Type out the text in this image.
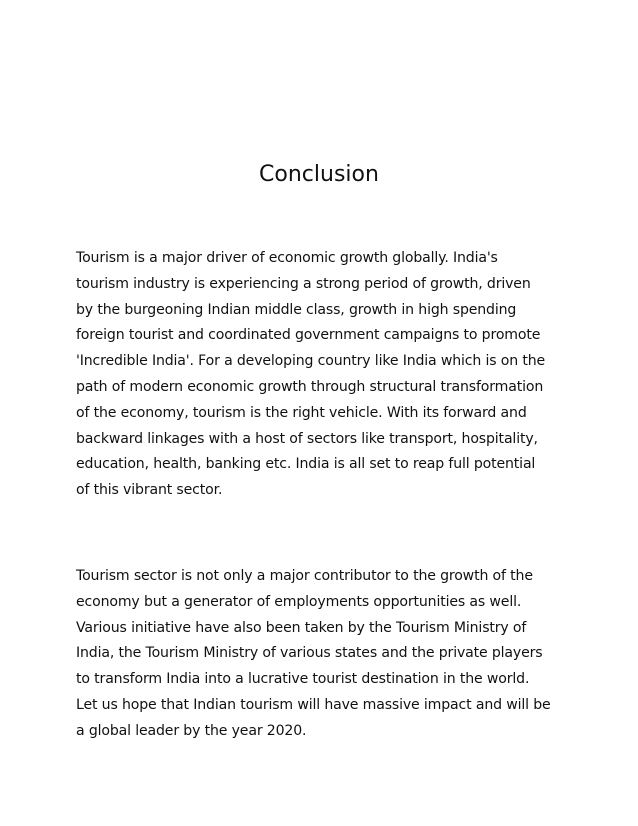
Conclusion

Tourism is a major driver of economic growth globally. India's
tourism industry is experiencing a strong period of growth, driven
by the burgeoning Indian middle class, growth in high spending
foreign tourist and coordinated government campaigns to promote
'Incredible India'. For a developing country like India which is on the
path of modern economic growth through structural transformation
of the economy, tourism is the right vehicle. With its forward and
backward linkages with a host of sectors like transport, hospitality,
education, health, banking etc. India is all set to reap full potential
of this vibrant sector.

Tourism sector is not only a major contributor to the growth of the
economy but a generator of employments opportunities as well.
Various initiative have also been taken by the Tourism Ministry of
India, the Tourism Ministry of various states and the private players
to transform India into a lucrative tourist destination in the world.
Let us hope that Indian tourism will have massive impact and will be
a global leader by the year 2020.
